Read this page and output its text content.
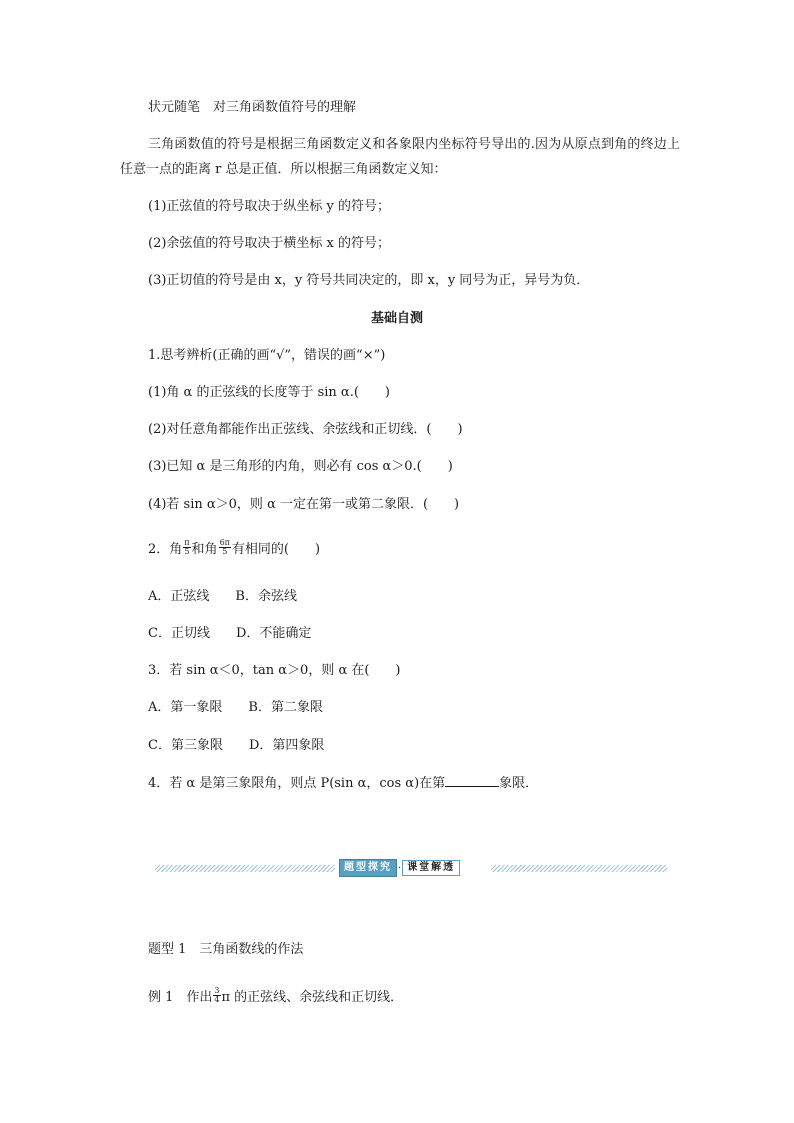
状元随笔　对三角函数值符号的理解
三角函数值的符号是根据三角函数定义和各象限内坐标符号导出的.因为从原点到角的终边上任意一点的距离 r 总是正值．所以根据三角函数定义知：
(1)正弦值的符号取决于纵坐标 y 的符号；
(2)余弦值的符号取决于横坐标 x 的符号；
(3)正切值的符号是由 x，y 符号共同决定的，即 x，y 同号为正，异号为负．
基础自测
1.思考辨析(正确的画“√”，错误的画“×”)
(1)角 α 的正弦线的长度等于 sin α.(　　)
(2)对任意角都能作出正弦线、余弦线和正切线．(　　)
(3)已知 α 是三角形的内角，则必有 cos α＞0.(　　)
(4)若 sin α＞0，则 α 一定在第一或第二象限．(　　)
2．角 $\frac{\pi}{5}$ 和角 $\frac{6\pi}{5}$ 有相同的(　　)
A．正弦线　　B．余弦线
C．正切线　　D．不能确定
3．若 sin α＜0，tan α＞0，则 α 在(　　)
A．第一象限　　B．第二象限
C．第三象限　　D．第四象限
4．若 α 是第三象限角，则点 P(sin α，cos α)在第	象限．
题型探究 · 课堂解透
题型 1　三角函数线的作法
例 1　作出 $\frac{3}{4}$ π 的正弦线、余弦线和正切线．
